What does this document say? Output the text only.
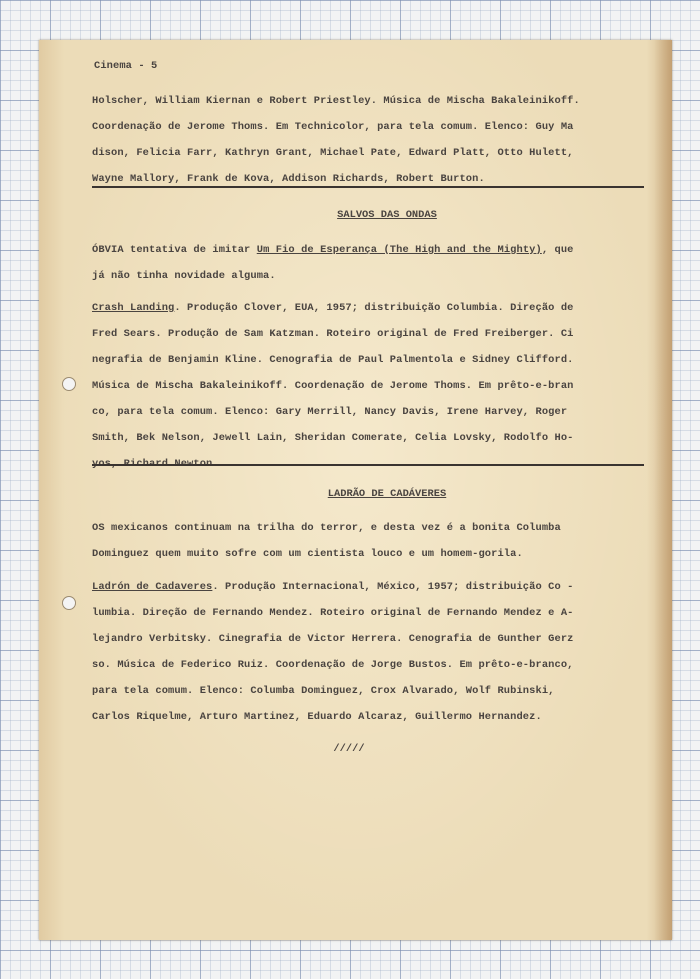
Cinema - 5
Holscher, William Kiernan e Robert Priestley. Música de Mischa Bakaleinikoff.
Coordenação de Jerome Thoms. Em Technicolor, para tela comum. Elenco: Guy Ma
dison, Felicia Farr, Kathryn Grant, Michael Pate, Edward Platt, Otto Hulett,
Wayne Mallory, Frank de Kova, Addison Richards, Robert Burton.
SALVOS DAS ONDAS
ÓBVIA tentativa de imitar Um Fio de Esperança (The High and the Mighty), que
já não tinha novidade alguma.
Crash Landing. Produção Clover, EUA, 1957; distribuição Columbia. Direção de
Fred Sears. Produção de Sam Katzman. Roteiro original de Fred Freiberger. Ci
negrafia de Benjamin Kline. Cenografia de Paul Palmentola e Sidney Clifford.
Música de Mischa Bakaleinikoff. Coordenação de Jerome Thoms. Em prêto-e-bran
co, para tela comum. Elenco: Gary Merrill, Nancy Davis, Irene Harvey, Roger
Smith, Bek Nelson, Jewell Lain, Sheridan Comerate, Celia Lovsky, Rodolfo Ho-
yos, Richard Newton.
LADRÃO DE CADÁVERES
OS mexicanos continuam na trilha do terror, e desta vez é a bonita Columba
Dominguez quem muito sofre com um cientista louco e um homem-gorila.
Ladrón de Cadaveres. Produção Internacional, México, 1957; distribuição Co -
lumbia. Direção de Fernando Mendez. Roteiro original de Fernando Mendez e A-
lejandro Verbitsky. Cinegrafia de Victor Herrera. Cenografia de Gunther Gerz
so. Música de Federico Ruiz. Coordenação de Jorge Bustos. Em prêto-e-branco,
para tela comum. Elenco: Columba Dominguez, Crox Alvarado, Wolf Rubinski,
Carlos Riquelme, Arturo Martinez, Eduardo Alcaraz, Guillermo Hernandez.
/////
